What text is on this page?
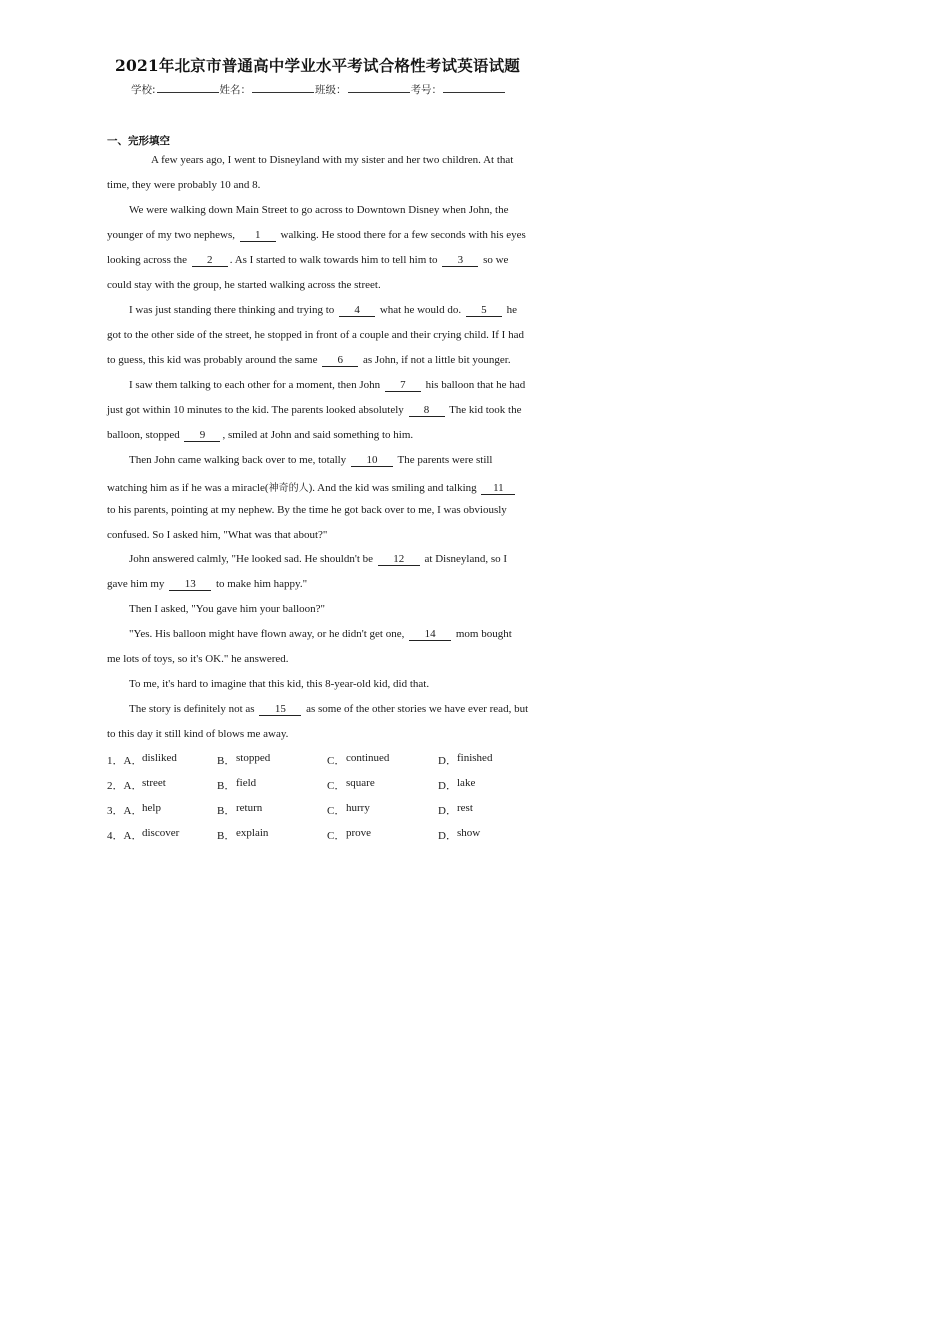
2021年北京市普通高中学业水平考试合格性考试英语试题
学校:	姓名：	班级：	考号：
一、完形填空
A few years ago, I went to Disneyland with my sister and her two children. At that
time, they were probably 10 and 8.
We were walking down Main Street to go across to Downtown Disney when John, the
younger of my two nephews, 1 walking. He stood there for a few seconds with his eyes
looking across the 2 . As I started to walk towards him to tell him to 3 so we
could stay with the group, he started walking across the street.
I was just standing there thinking and trying to 4 what he would do. 5 he
got to the other side of the street, he stopped in front of a couple and their crying child. If I had
to guess, this kid was probably around the same 6 as John, if not a little bit younger.
I saw them talking to each other for a moment, then John 7 his balloon that he had
just got within 10 minutes to the kid. The parents looked absolutely 8 The kid took the
balloon, stopped 9 , smiled at John and said something to him.
Then John came walking back over to me, totally 10 The parents were still
watching him as if he was a miracle(神奇的人). And the kid was smiling and talking 11
to his parents, pointing at my nephew. By the time he got back over to me, I was obviously
confused. So I asked him, "What was that about?"
John answered calmly, "He looked sad. He shouldn't be 12 at Disneyland, so I
gave him my 13 to make him happy."
Then I asked, "You gave him your balloon?"
"Yes. His balloon might have flown away, or he didn't get one, 14 mom bought
me lots of toys, so it's OK." he answered.
To me, it's hard to imagine that this kid, this 8-year-old kid, did that.
The story is definitely not as 15 as some of the other stories we have ever read, but
to this day it still kind of blows me away.
1．A． disliked	B． stopped	C． continued	D． finished
2．A． street	B． field	C． square	D． lake
3．A． help	B． return	C． hurry	D． rest
4．A． discover	B． explain	C． prove	D． show
